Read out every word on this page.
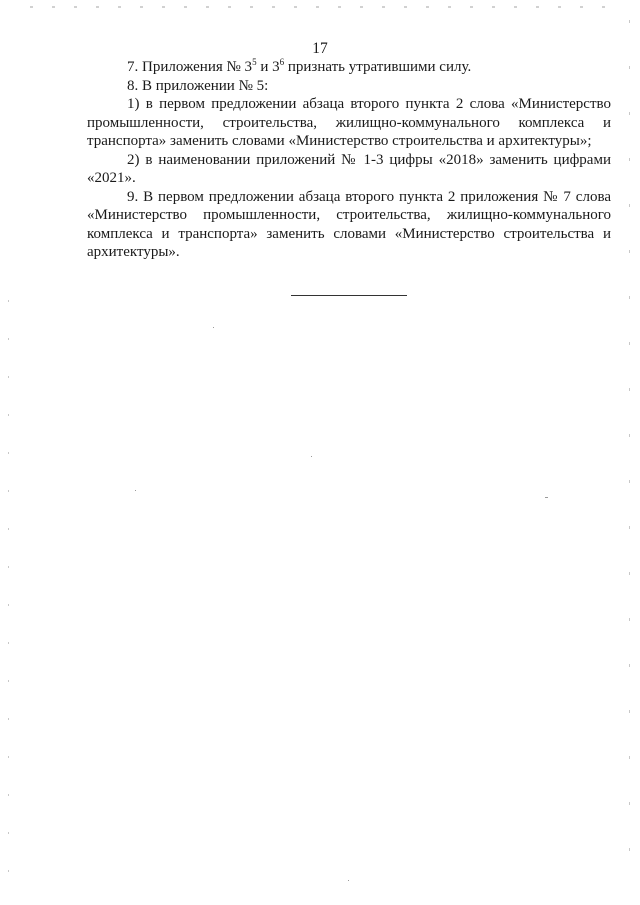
17

7. Приложения № $3^5$ и $3^6$ признать утратившими силу.

8. В приложении № 5:

1) в первом предложении абзаца второго пункта 2 слова «Министерство промышленности, строительства, жилищно-коммунального комплекса и транспорта» заменить словами «Министерство строительства и архитектуры»;

2) в наименовании приложений № 1-3 цифры «2018» заменить цифрами «2021».

9. В первом предложении абзаца второго пункта 2 приложения № 7 слова «Министерство промышленности, строительства, жилищно-коммунального комплекса и транспорта» заменить словами «Министерство строительства и архитектуры».
